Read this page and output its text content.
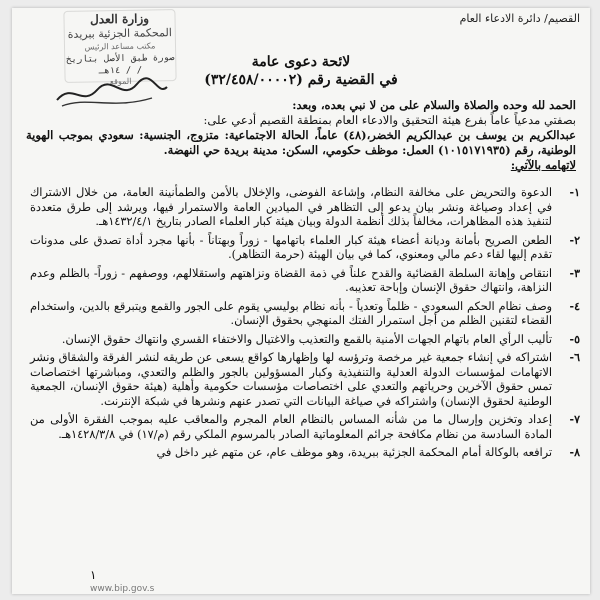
القصيم/ دائرة الادعاء العام
وزارة العدل
المحكمة الجزئية ببريدة
مكتب مساعد الرئيس
صورة طبق الأصل بتاريخ / / ١٤هـ
الموقع
لائحة دعوى عامة
في القضية رقم (٣٢/٤٥٨/٠٠٠٠٢)

الحمد لله وحده والصلاة والسلام على من لا نبي بعده، وبعد:

بصفتي مدعياً عاماً بفرع هيئة التحقيق والادعاء العام بمنطقة القصيم أدعي على:

عبدالكريم بن يوسف بن عبدالكريم الخضر،(٤٨) عاماً، الحالة الاجتماعية: متزوج، الجنسية: سعودي بموجب الهوية الوطنية، رقم (١٠١٥١٧١٩٣٥) العمل: موظف حكومي، السكن: مدينة بريدة حي النهضة.

لاتهامه بالآتي:

١-
الدعوة والتحريض على مخالفة النظام، وإشاعة الفوضى، والإخلال بالأمن والطمأنينة العامة، من خلال الاشتراك في إعداد وصياغة ونشر بيان يدعو إلى التظاهر في الميادين العامة والاستمرار فيها، ويرشد إلى طرق متعددة لتنفيذ هذه المظاهرات، مخالفاً بذلك أنظمة الدولة وبيان هيئة كبار العلماء الصادر بتاريخ ١٤٣٢/٤/١هـ.
٢-
الطعن الصريح بأمانة وديانة أعضاء هيئة كبار العلماء باتهامها - زوراً وبهتاناً - بأنها مجرد أداة تصدق على مدونات تقدم إليها لقاء دعم مالي ومعنوي، كما في بيان الهيئة (حرمة التظاهر).
٣-
انتقاص وإهانة السلطة القضائية والقدح علناً في ذمة القضاة ونزاهتهم واستقلالهم، ووصفهم - زوراً- بالظلم وعدم النزاهة، وانتهاك حقوق الإنسان وإباحة تعذيبه.
٤-
وصف نظام الحكم السعودي - ظلماً وتعدياً - بأنه نظام بوليسي يقوم على الجور والقمع ويتبرقع بالدين، واستخدام القضاء لتقنين الظلم من أجل استمرار الفتك المنهجي بحقوق الإنسان.
٥-
تأليب الرأي العام باتهام الجهات الأمنية بالقمع والتعذيب والاغتيال والاختفاء القسري وانتهاك حقوق الإنسان.
٦-
اشتراكه في إنشاء جمعية غير مرخصة وترؤسه لها وإظهارها كواقع يسعى عن طريقه لنشر الفرقة والشقاق ونشر الاتهامات لمؤسسات الدولة العدلية والتنفيذية وكبار المسؤولين بالجور والظلم والتعدي، ومباشرتها اختصاصات تمس حقوق الآخرين وحرياتهم والتعدي على اختصاصات مؤسسات حكومية وأهلية (هيئة حقوق الإنسان، الجمعية الوطنية لحقوق الإنسان) واشتراكه في صياغة البيانات التي تصدر عنهم ونشرها في شبكة الإنترنت.
٧-
إعداد وتخزين وإرسال ما من شأنه المساس بالنظام العام المجرم والمعاقب عليه بموجب الفقرة الأولى من المادة السادسة من نظام مكافحة جرائم المعلوماتية الصادر بالمرسوم الملكي رقم (م/١٧) في ١٤٢٨/٣/٨هـ.
٨-
ترافعه بالوكالة أمام المحكمة الجزئية ببريدة، وهو موظف عام، عن متهم غير داخل في
١
www.bip.gov.s
